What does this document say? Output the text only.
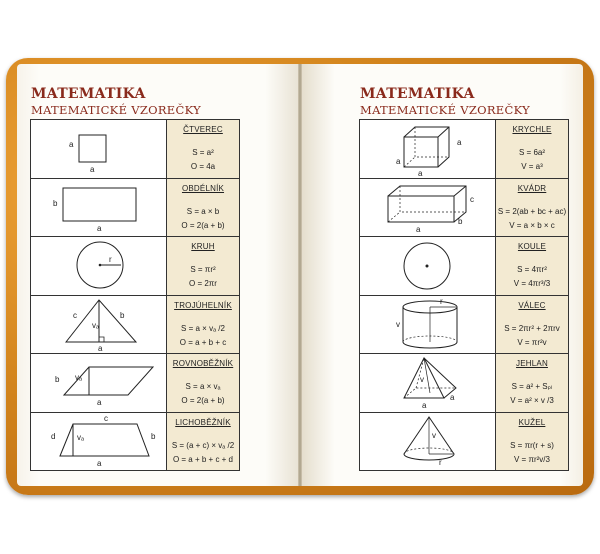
MATEMATIKA
MATEMATICKÉ VZOREČKY
a
a
ČTVEREC
S = a²
O = 4a
b
a
OBDÉLNÍK
S = a × b
O = 2(a + b)
r
KRUH
S = πr²
O = 2πr
c	b
vₐ
a
TROJÚHELNÍK
S = a × vₐ /2
O = a + b + c
b vₐ
a
ROVNOBĚŽNÍK
S = a × vₐ
O = 2(a + b)
d	b
vₐ
c
a
LICHOBĚŽNÍK
S = (a + c) × vₐ /2
O = a + b + c + d
MATEMATIKA
MATEMATICKÉ VZOREČKY
a
a
a
KRYCHLE
S = 6a²
V = a³
c
b
a
KVÁDR
S = 2(ab + bc + ac)
V = a × b × c
KOULE
S = 4πr²
V = 4πr³/3
r
v
VÁLEC
S = 2πr² + 2πrv
V = πr²v
v
a
a
JEHLAN
S = a² + Sₚₗ
V = a² × v /3
v
r
KUŽEL
S = πr(r + s)
V = πr²v/3
